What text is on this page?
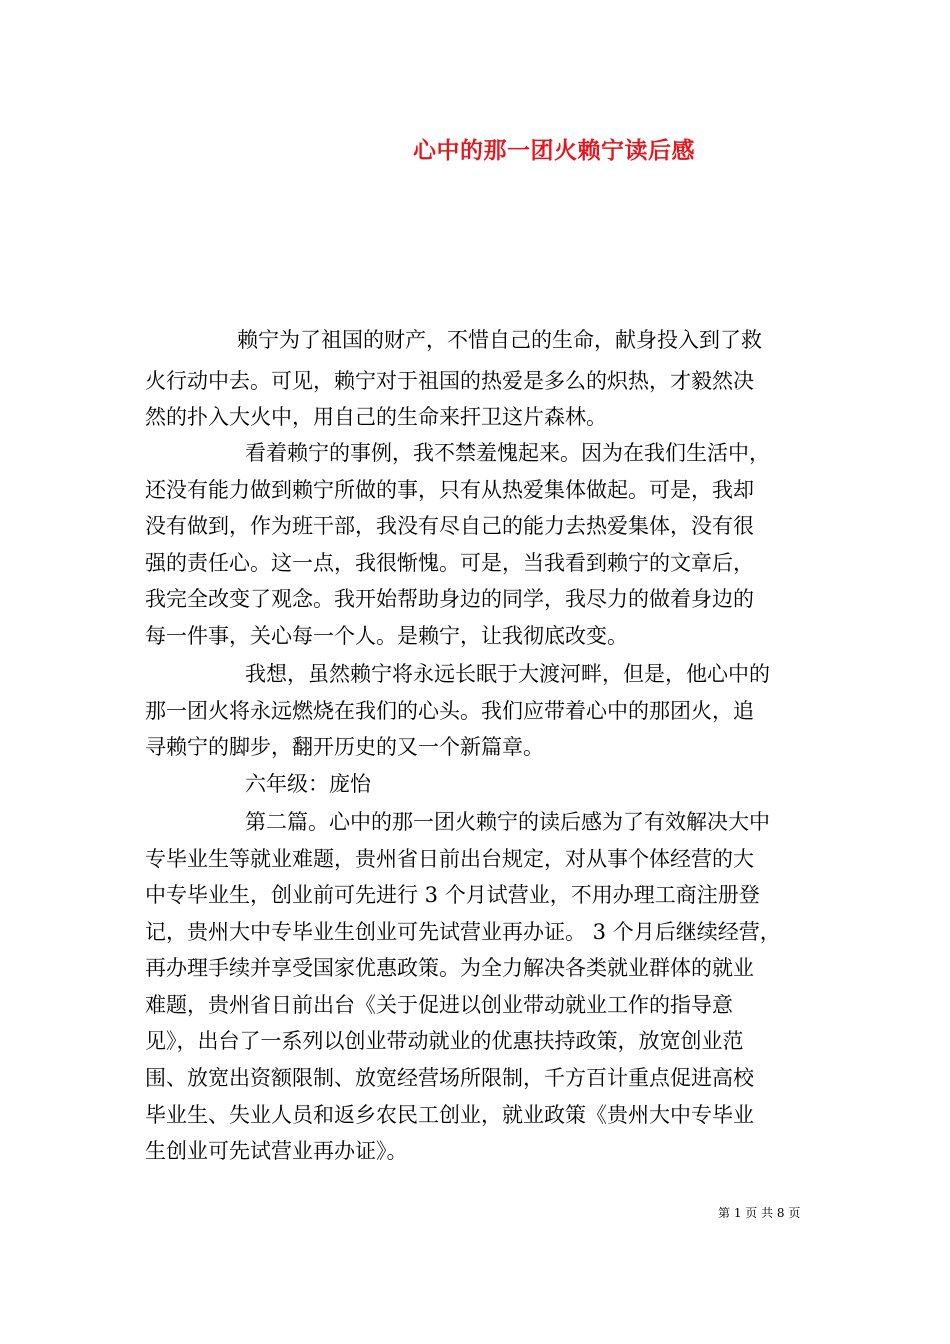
心中的那一团火赖宁读后感

赖宁为了祖国的财产，不惜自己的生命，献身投入到了救

火行动中去。可见，赖宁对于祖国的热爱是多么的炽热，才毅然决

然的扑入大火中，用自己的生命来扞卫这片森林。

看着赖宁的事例，我不禁羞愧起来。因为在我们生活中，

还没有能力做到赖宁所做的事，只有从热爱集体做起。可是，我却

没有做到，作为班干部，我没有尽自己的能力去热爱集体，没有很

强的责任心。这一点，我很惭愧。可是，当我看到赖宁的文章后，

我完全改变了观念。我开始帮助身边的同学，我尽力的做着身边的

每一件事，关心每一个人。是赖宁，让我彻底改变。

我想，虽然赖宁将永远长眠于大渡河畔，但是，他心中的

那一团火将永远燃烧在我们的心头。我们应带着心中的那团火，追

寻赖宁的脚步，翻开历史的又一个新篇章。

六年级：庞怡

第二篇。心中的那一团火赖宁的读后感为了有效解决大中

专毕业生等就业难题，贵州省日前出台规定，对从事个体经营的大

中专毕业生，创业前可先进行 3 个月试营业，不用办理工商注册登

记，贵州大中专毕业生创业可先试营业再办证。 3 个月后继续经营，

再办理手续并享受国家优惠政策。为全力解决各类就业群体的就业

难题，贵州省日前出台《关于促进以创业带动就业工作的指导意

见》，出台了一系列以创业带动就业的优惠扶持政策，放宽创业范

围、放宽出资额限制、放宽经营场所限制，千方百计重点促进高校

毕业生、失业人员和返乡农民工创业，就业政策《贵州大中专毕业

生创业可先试营业再办证》。

第 1 页 共 8 页
